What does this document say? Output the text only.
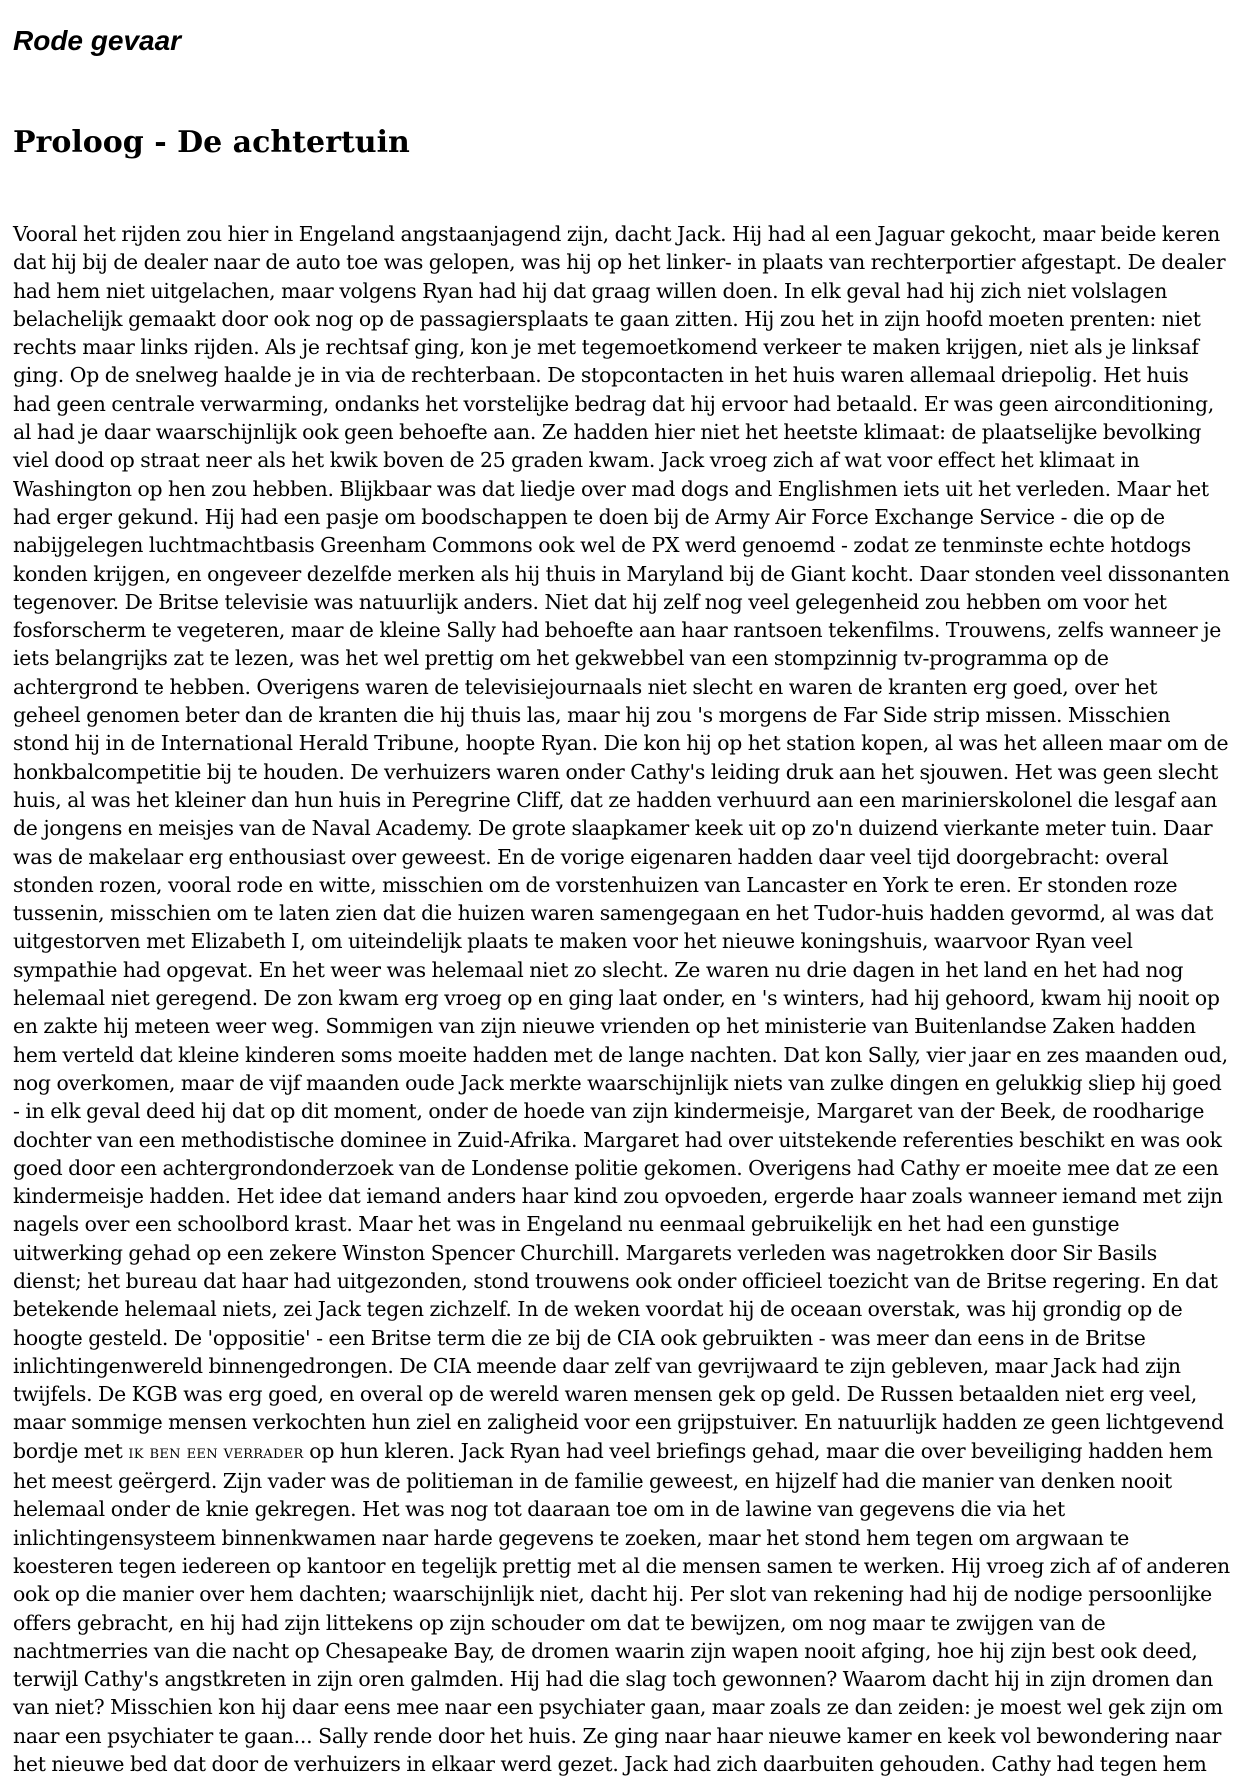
Rode gevaar
Proloog - De achtertuin

Vooral het rijden zou hier in Engeland angstaanjagend zijn, dacht Jack. Hij had al een Jaguar gekocht, maar beide keren dat hij bij de dealer naar de auto toe was gelopen, was hij op het linker- in plaats van rechterportier afgestapt. De dealer had hem niet uitgelachen, maar volgens Ryan had hij dat graag willen doen. In elk geval had hij zich niet volslagen belachelijk gemaakt door ook nog op de passagiersplaats te gaan zitten. Hij zou het in zijn hoofd moeten prenten: niet rechts maar links rijden. Als je rechtsaf ging, kon je met tegemoetkomend verkeer te maken krijgen, niet als je linksaf ging. Op de snelweg haalde je in via de rechterbaan. De stopcontacten in het huis waren allemaal driepolig. Het huis had geen centrale verwarming, ondanks het vorstelijke bedrag dat hij ervoor had betaald. Er was geen airconditioning, al had je daar waarschijnlijk ook geen behoefte aan. Ze hadden hier niet het heetste klimaat: de plaatselijke bevolking viel dood op straat neer als het kwik boven de 25 graden kwam. Jack vroeg zich af wat voor effect het klimaat in Washington op hen zou hebben. Blijkbaar was dat liedje over mad dogs and Englishmen iets uit het verleden. Maar het had erger gekund. Hij had een pasje om boodschappen te doen bij de Army Air Force Exchange Service - die op de nabijgelegen luchtmachtbasis Greenham Commons ook wel de PX werd genoemd - zodat ze tenminste echte hotdogs konden krijgen, en ongeveer dezelfde merken als hij thuis in Maryland bij de Giant kocht. Daar stonden veel dissonanten tegenover. De Britse televisie was natuurlijk anders. Niet dat hij zelf nog veel gelegenheid zou hebben om voor het fosforscherm te vegeteren, maar de kleine Sally had behoefte aan haar rantsoen tekenfilms. Trouwens, zelfs wanneer je iets belangrijks zat te lezen, was het wel prettig om het gekwebbel van een stompzinnig tv-programma op de achtergrond te hebben. Overigens waren de televisiejournaals niet slecht en waren de kranten erg goed, over het geheel genomen beter dan de kranten die hij thuis las, maar hij zou 's morgens de Far Side strip missen. Misschien stond hij in de International Herald Tribune, hoopte Ryan. Die kon hij op het station kopen, al was het alleen maar om de honkbalcompetitie bij te houden. De verhuizers waren onder Cathy's leiding druk aan het sjouwen. Het was geen slecht huis, al was het kleiner dan hun huis in Peregrine Cliff, dat ze hadden verhuurd aan een marinierskolonel die lesgaf aan de jongens en meisjes van de Naval Academy. De grote slaapkamer keek uit op zo'n duizend vierkante meter tuin. Daar was de makelaar erg enthousiast over geweest. En de vorige eigenaren hadden daar veel tijd doorgebracht: overal stonden rozen, vooral rode en witte, misschien om de vorstenhuizen van Lancaster en York te eren. Er stonden roze tussenin, misschien om te laten zien dat die huizen waren samengegaan en het Tudor-huis hadden gevormd, al was dat uitgestorven met Elizabeth I, om uiteindelijk plaats te maken voor het nieuwe koningshuis, waarvoor Ryan veel sympathie had opgevat. En het weer was helemaal niet zo slecht. Ze waren nu drie dagen in het land en het had nog helemaal niet geregend. De zon kwam erg vroeg op en ging laat onder, en 's winters, had hij gehoord, kwam hij nooit op en zakte hij meteen weer weg. Sommigen van zijn nieuwe vrienden op het ministerie van Buitenlandse Zaken hadden hem verteld dat kleine kinderen soms moeite hadden met de lange nachten. Dat kon Sally, vier jaar en zes maanden oud, nog overkomen, maar de vijf maanden oude Jack merkte waarschijnlijk niets van zulke dingen en gelukkig sliep hij goed - in elk geval deed hij dat op dit moment, onder de hoede van zijn kindermeisje, Margaret van der Beek, de roodharige dochter van een methodistische dominee in Zuid-Afrika. Margaret had over uitstekende referenties beschikt en was ook goed door een achtergrondonderzoek van de Londense politie gekomen. Overigens had Cathy er moeite mee dat ze een kindermeisje hadden. Het idee dat iemand anders haar kind zou opvoeden, ergerde haar zoals wanneer iemand met zijn nagels over een schoolbord krast. Maar het was in Engeland nu eenmaal gebruikelijk en het had een gunstige uitwerking gehad op een zekere Winston Spencer Churchill. Margarets verleden was nagetrokken door Sir Basils dienst; het bureau dat haar had uitgezonden, stond trouwens ook onder officieel toezicht van de Britse regering. En dat betekende helemaal niets, zei Jack tegen zichzelf. In de weken voordat hij de oceaan overstak, was hij grondig op de hoogte gesteld. De 'oppositie' - een Britse term die ze bij de CIA ook gebruikten - was meer dan eens in de Britse inlichtingenwereld binnengedrongen. De CIA meende daar zelf van gevrijwaard te zijn gebleven, maar Jack had zijn twijfels. De KGB was erg goed, en overal op de wereld waren mensen gek op geld. De Russen betaalden niet erg veel, maar sommige mensen verkochten hun ziel en zaligheid voor een grijpstuiver. En natuurlijk hadden ze geen lichtgevend bordje met ik ben een verrader op hun kleren. Jack Ryan had veel briefings gehad, maar die over beveiliging hadden hem het meest geërgerd. Zijn vader was de politieman in de familie geweest, en hijzelf had die manier van denken nooit helemaal onder de knie gekregen. Het was nog tot daaraan toe om in de lawine van gegevens die via het inlichtingensysteem binnenkwamen naar harde gegevens te zoeken, maar het stond hem tegen om argwaan te koesteren tegen iedereen op kantoor en tegelijk prettig met al die mensen samen te werken. Hij vroeg zich af of anderen ook op die manier over hem dachten; waarschijnlijk niet, dacht hij. Per slot van rekening had hij de nodige persoonlijke offers gebracht, en hij had zijn littekens op zijn schouder om dat te bewijzen, om nog maar te zwijgen van de nachtmerries van die nacht op Chesapeake Bay, de dromen waarin zijn wapen nooit afging, hoe hij zijn best ook deed, terwijl Cathy's angstkreten in zijn oren galmden. Hij had die slag toch gewonnen? Waarom dacht hij in zijn dromen dan van niet? Misschien kon hij daar eens mee naar een psychiater gaan, maar zoals ze dan zeiden: je moest wel gek zijn om naar een psychiater te gaan... Sally rende door het huis. Ze ging naar haar nieuwe kamer en keek vol bewondering naar het nieuwe bed dat door de verhuizers in elkaar werd gezet. Jack had zich daarbuiten gehouden. Cathy had tegen hem
